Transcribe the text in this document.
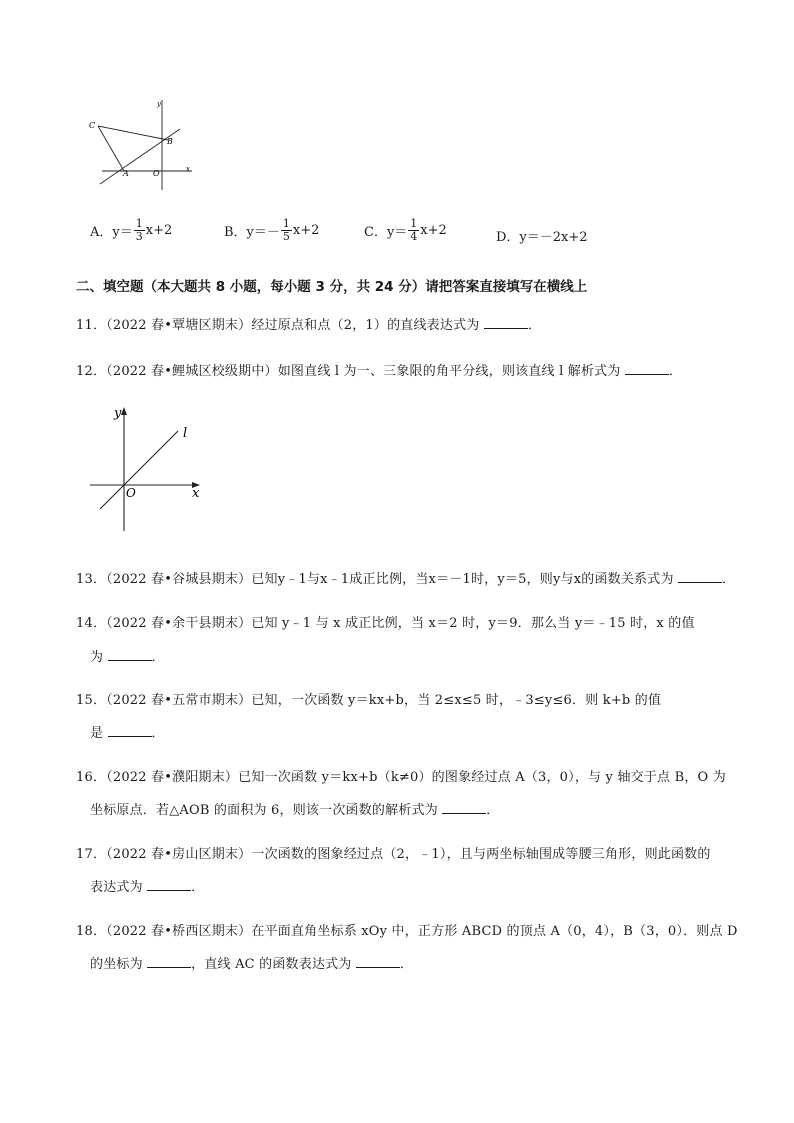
y
x
C
B
A	O
A．$y= \frac{1}{3} x+2$	B．$y=- \frac{1}{5} x+2$	C．$y= \frac{1}{4} x+2$	D．y＝－2x+2
二、填空题（本大题共 8 小题，每小题 3 分，共 24 分）请把答案直接填写在横线上
11．（2022 春•覃塘区期末）经过原点和点（2，1）的直线表达式为	．
12．（2022 春•鲤城区校级期中）如图直线 l 为一、三象限的角平分线，则该直线 l 解析式为	．
y
x
O
l
13．（2022 春•谷城县期末）已知y﹣1与x﹣1成正比例，当x＝－1时，y＝5，则y与x的函数关系式为	．
14．（2022 春•余干县期末）已知 y﹣1 与 x 成正比例，当 x＝2 时，y＝9．那么当 y＝﹣15 时，x 的值
为	．
15．（2022 春•五常市期末）已知，一次函数 y＝kx+b，当 2≤x≤5 时，﹣3≤y≤6．则 k+b 的值
是	．
16．（2022 春•濮阳期末）已知一次函数 y＝kx+b（k≠0）的图象经过点 A（3，0），与 y 轴交于点 B，O 为
坐标原点．若△AOB 的面积为 6，则该一次函数的解析式为	．
17．（2022 春•房山区期末）一次函数的图象经过点（2，﹣1），且与两坐标轴围成等腰三角形，则此函数的
表达式为	．
18．（2022 春•桥西区期末）在平面直角坐标系 xOy 中，正方形 ABCD 的顶点 A（0，4），B（3，0）．则点 D
的坐标为	，直线 AC 的函数表达式为	．
